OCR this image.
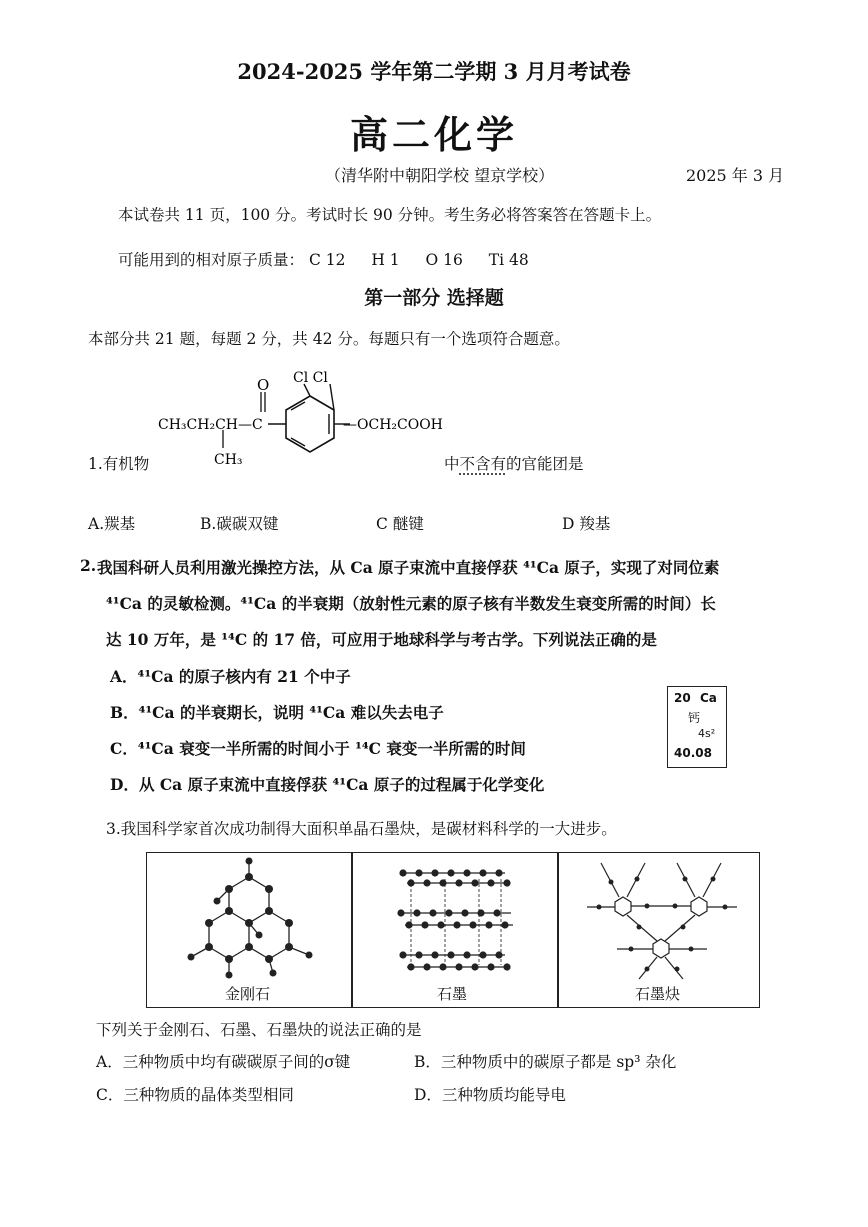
2024-2025 学年第二学期 3 月月考试卷
高二化学
（清华附中朝阳学校 望京学校）	2025 年 3 月
本试卷共 11 页，100 分。考试时长 90 分钟。考生务必将答案答在答题卡上。
可能用到的相对原子质量： C 12 H 1 O 16 Ti 48
第一部分 选择题
本部分共 21 题，每题 2 分，共 42 分。每题只有一个选项符合题意。
O Cl Cl
CH₃CH₂CH—C
CH₃
—OCH₂COOH
1.有机物	中不含有的官能团是
A.羰基	B.碳碳双键	C 醚键	D 羧基
2. 我国科研人员利用激光操控方法，从 Ca 原子束流中直接俘获 ⁴¹Ca 原子，实现了对同位素
⁴¹Ca 的灵敏检测。⁴¹Ca 的半衰期（放射性元素的原子核有半数发生衰变所需的时间）长
达 10 万年，是 ¹⁴C 的 17 倍，可应用于地球科学与考古学。下列说法正确的是
A．⁴¹Ca 的原子核内有 21 个中子
B．⁴¹Ca 的半衰期长，说明 ⁴¹Ca 难以失去电子
C．⁴¹Ca 衰变一半所需的时间小于 ¹⁴C 衰变一半所需的时间
D．从 Ca 原子束流中直接俘获 ⁴¹Ca 原子的过程属于化学变化
20 Ca
钙
4s²
40.08
3.我国科学家首次成功制得大面积单晶石墨炔，是碳材料科学的一大进步。
金刚石	石墨	石墨炔
下列关于金刚石、石墨、石墨炔的说法正确的是
A．三种物质中均有碳碳原子间的σ键	B．三种物质中的碳原子都是 sp³ 杂化
C．三种物质的晶体类型相同	D．三种物质均能导电
